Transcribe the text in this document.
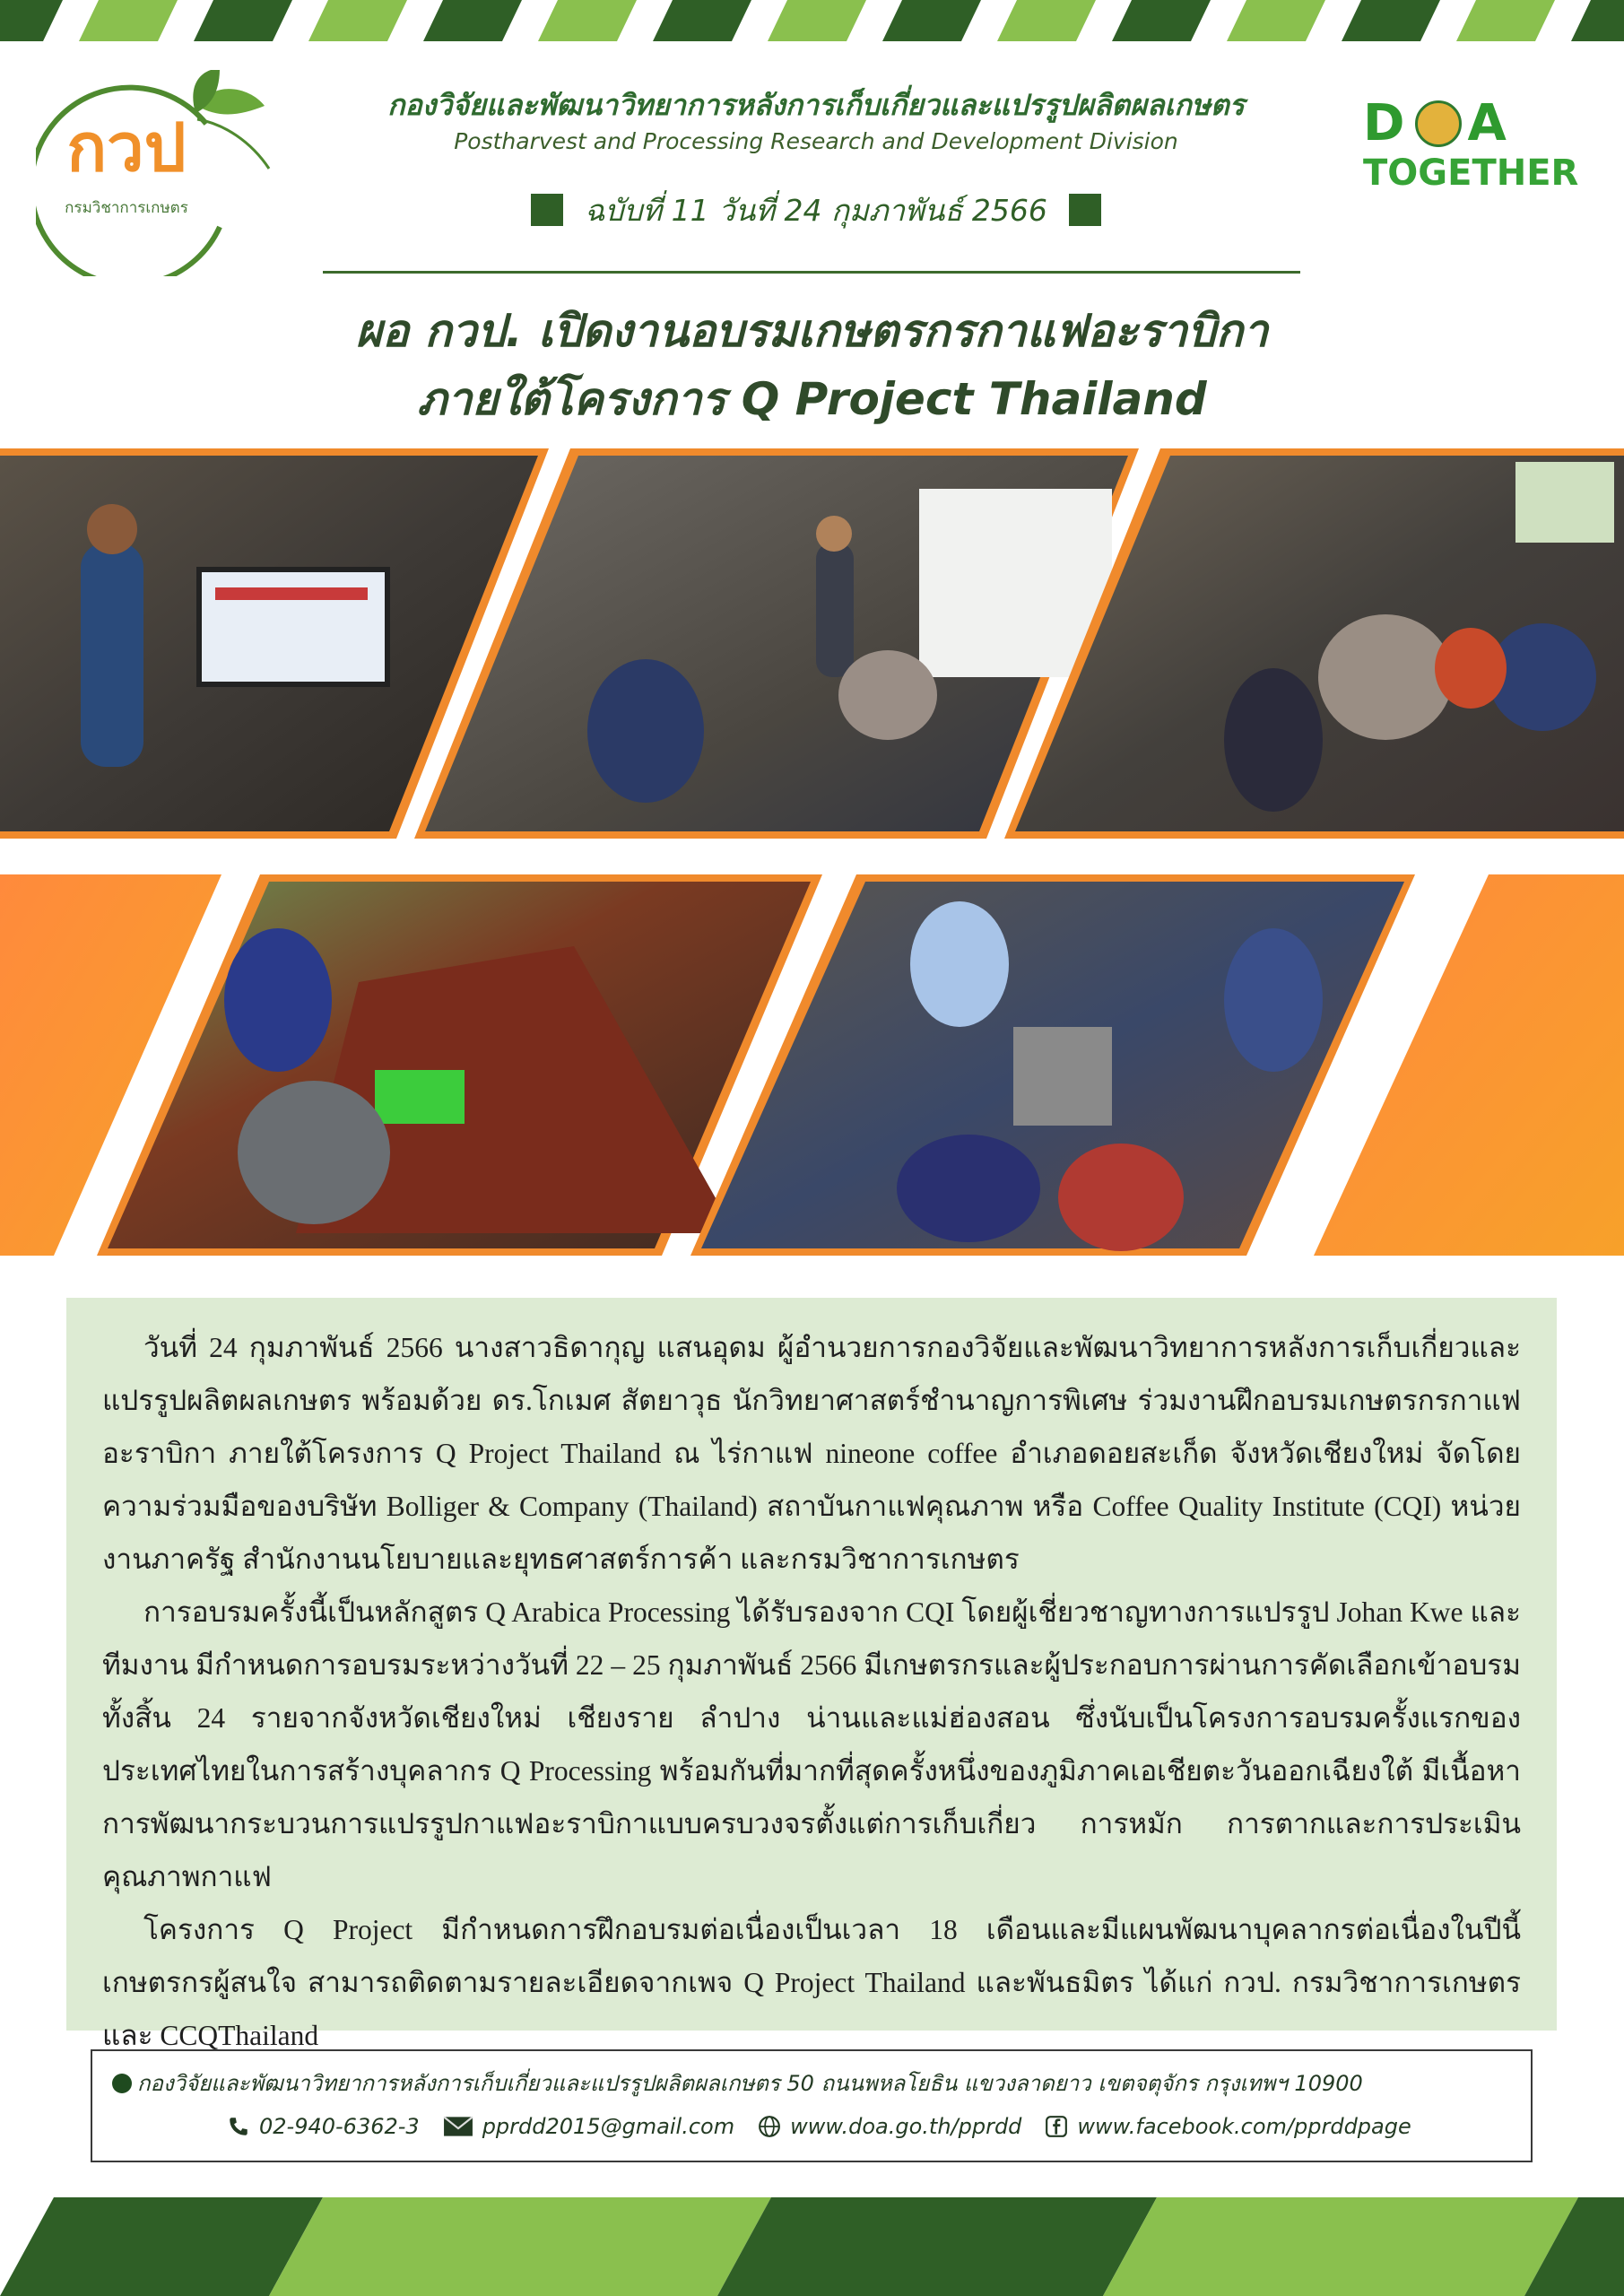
กวป
กรมวิชาการเกษตร
กองวิจัยและพัฒนาวิทยาการหลังการเก็บเกี่ยวและแปรรูปผลิตผลเกษตร
Postharvest and Processing Research and Development Division
ฉบับที่ 11 วันที่ 24 กุมภาพันธ์ 2566
D A
TOGETHER
ผอ กวป. เปิดงานอบรมเกษตรกรกาแฟอะราบิกา
ภายใต้โครงการ Q Project Thailand

วันที่ 24 กุมภาพันธ์ 2566 นางสาวธิดากุญ แสนอุดม ผู้อำนวยการกองวิจัยและพัฒนาวิทยาการหลังการเก็บเกี่ยวและแปรรูปผลิตผลเกษตร พร้อมด้วย ดร.โกเมศ สัตยาวุธ นักวิทยาศาสตร์ชำนาญการพิเศษ ร่วมงานฝึกอบรมเกษตรกรกาแฟอะราบิกา ภายใต้โครงการ Q Project Thailand ณ ไร่กาแฟ nineone coffee อำเภอดอยสะเก็ด จังหวัดเชียงใหม่ จัดโดยความร่วมมือของบริษัท Bolliger & Company (Thailand) สถาบันกาแฟคุณภาพ หรือ Coffee Quality Institute (CQI) หน่วยงานภาครัฐ สำนักงานนโยบายและยุทธศาสตร์การค้า และกรมวิชาการเกษตร

การอบรมครั้งนี้เป็นหลักสูตร Q Arabica Processing ได้รับรองจาก CQI โดยผู้เชี่ยวชาญทางการแปรรูป Johan Kwe และทีมงาน มีกำหนดการอบรมระหว่างวันที่ 22 – 25 กุมภาพันธ์ 2566 มีเกษตรกรและผู้ประกอบการผ่านการคัดเลือกเข้าอบรมทั้งสิ้น 24 รายจากจังหวัดเชียงใหม่ เชียงราย ลำปาง น่านและแม่ฮ่องสอน ซึ่งนับเป็นโครงการอบรมครั้งแรกของประเทศไทยในการสร้างบุคลากร Q Processing พร้อมกันที่มากที่สุดครั้งหนึ่งของภูมิภาคเอเชียตะวันออกเฉียงใต้ มีเนื้อหาการพัฒนากระบวนการแปรรูปกาแฟอะราบิกาแบบครบวงจรตั้งแต่การเก็บเกี่ยว การหมัก การตากและการประเมินคุณภาพกาแฟ

โครงการ Q Project มีกำหนดการฝึกอบรมต่อเนื่องเป็นเวลา 18 เดือนและมีแผนพัฒนาบุคลากรต่อเนื่องในปีนี้ เกษตรกรผู้สนใจ สามารถติดตามรายละเอียดจากเพจ Q Project Thailand และพันธมิตร ได้แก่ กวป. กรมวิชาการเกษตร และ CCQThailand

กองวิจัยและพัฒนาวิทยาการหลังการเก็บเกี่ยวและแปรรูปผลิตผลเกษตร 50 ถนนพหลโยธิน แขวงลาดยาว เขตจตุจักร กรุงเทพฯ 10900
02-940-6362-3	pprdd2015@gmail.com	www.doa.go.th/pprdd	www.facebook.com/pprddpage
